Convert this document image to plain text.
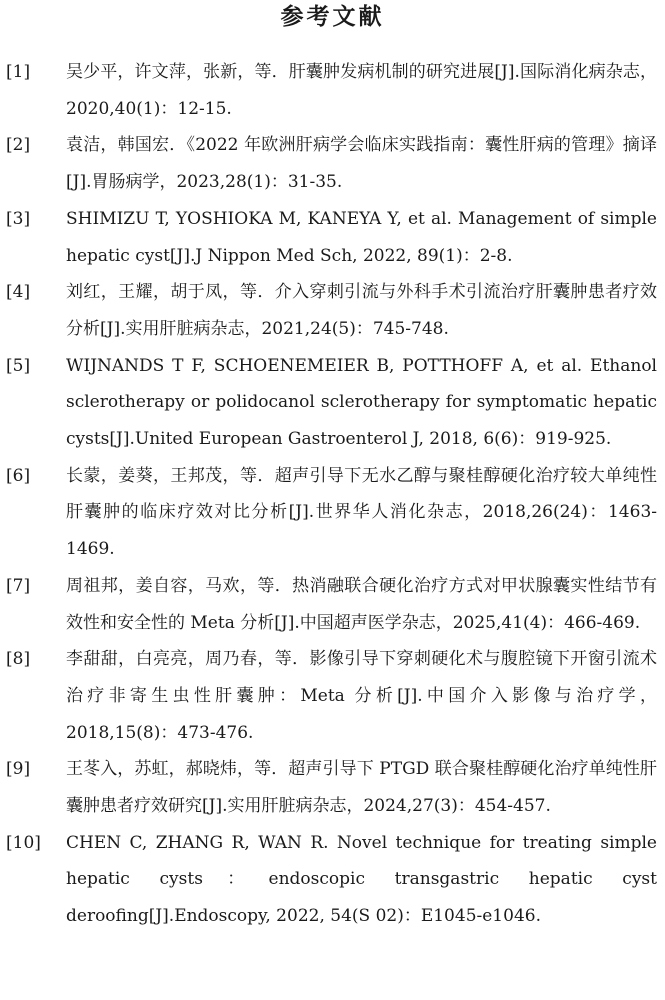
参考文献
[1] 吴少平，许文萍，张新，等．肝囊肿发病机制的研究进展[J].国际消化病杂志，2020,40(1)：12-15.
[2] 袁洁，韩国宏．《2022 年欧洲肝病学会临床实践指南：囊性肝病的管理》摘译[J].胃肠病学，2023,28(1)：31-35.
[3] SHIMIZU T, YOSHIOKA M, KANEYA Y, et al. Management of simple hepatic cyst[J].J Nippon Med Sch, 2022, 89(1)：2-8.
[4] 刘红，王耀，胡于凤，等．介入穿刺引流与外科手术引流治疗肝囊肿患者疗效分析[J].实用肝脏病杂志，2021,24(5)：745-748.
[5] WIJNANDS T F, SCHOENEMEIER B, POTTHOFF A, et al. Ethanol sclerotherapy or polidocanol sclerotherapy for symptomatic hepatic cysts[J].United European Gastroenterol J, 2018, 6(6)：919-925.
[6] 长蒙，姜葵，王邦茂，等．超声引导下无水乙醇与聚桂醇硬化治疗较大单纯性肝囊肿的临床疗效对比分析[J].世界华人消化杂志，2018,26(24)：1463-1469.
[7] 周祖邦，姜自容，马欢，等．热消融联合硬化治疗方式对甲状腺囊实性结节有效性和安全性的 Meta 分析[J].中国超声医学杂志，2025,41(4)：466-469.
[8] 李甜甜，白亮亮，周乃春，等．影像引导下穿刺硬化术与腹腔镜下开窗引流术治疗非寄生虫性肝囊肿：Meta 分析[J].中国介入影像与治疗学，2018,15(8)：473-476.
[9] 王苳入，苏虹，郝晓炜，等．超声引导下 PTGD 联合聚桂醇硬化治疗单纯性肝囊肿患者疗效研究[J].实用肝脏病杂志，2024,27(3)：454-457.
[10] CHEN C, ZHANG R, WAN R. Novel technique for treating simple hepatic cysts：endoscopic transgastric hepatic cyst deroofing[J].Endoscopy, 2022, 54(S 02)：E1045-e1046.
